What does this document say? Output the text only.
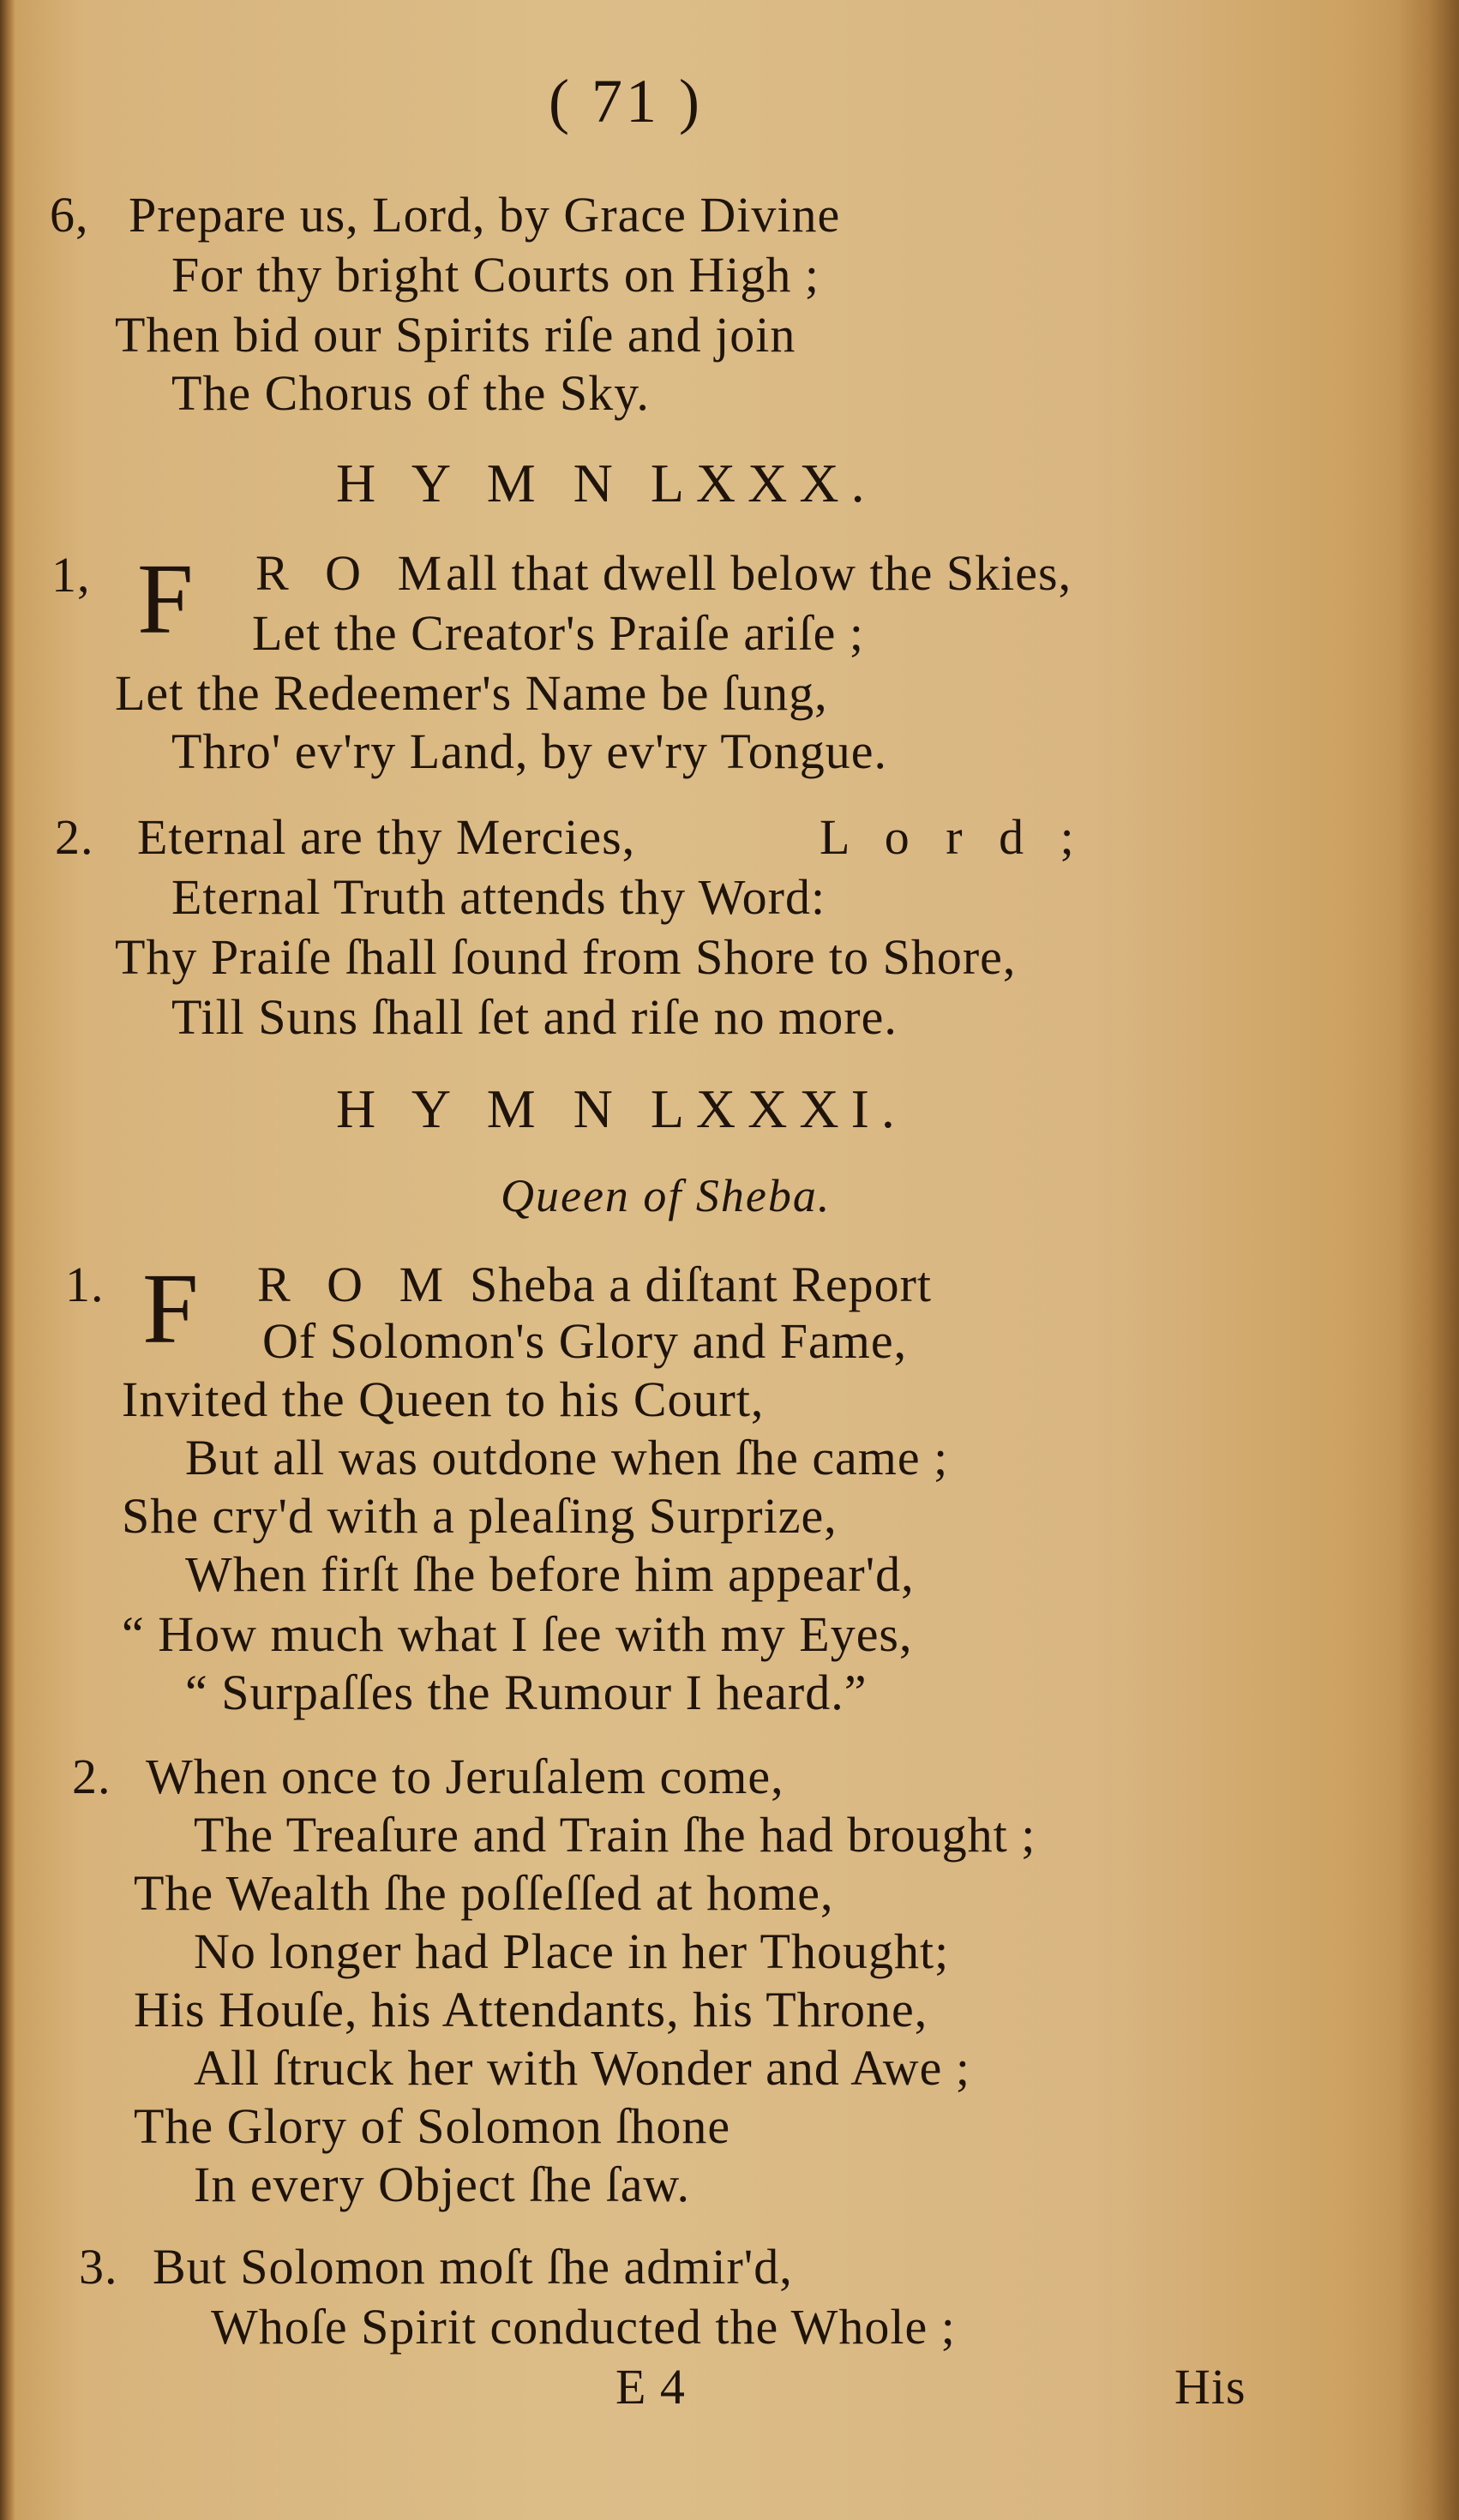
( 71 )
6, Prepare us, Lord, by Grace Divine
For thy bright Courts on High ;
Then bid our Spirits riſe and join
The Chorus of the Sky.
H Y M N LXXX.
1, F R O M
all that dwell below the Skies,
Let the Creator's Praiſe ariſe ;
Let the Redeemer's Name be ſung,
Thro' ev'ry Land, by ev'ry Tongue.
2. Eternal are thy Mercies,	L o r d ;
Eternal Truth attends thy Word:
Thy Praiſe ſhall ſound from Shore to Shore,
Till Suns ſhall ſet and riſe no more.
H Y M N LXXXI.
Queen of Sheba.
1. F R O M Sheba a diſtant Report
Of Solomon's Glory and Fame,
Invited the Queen to his Court,
But all was outdone when ſhe came ;
She cry'd with a pleaſing Surprize,
When firſt ſhe before him appear'd,
“ How much what I ſee with my Eyes,
“ Surpaſſes the Rumour I heard.”
2. When once to Jeruſalem come,
The Treaſure and Train ſhe had brought ;
The Wealth ſhe poſſeſſed at home,
No longer had Place in her Thought;
His Houſe, his Attendants, his Throne,
All ſtruck her with Wonder and Awe ;
The Glory of Solomon ſhone
In every Object ſhe ſaw.
3. But Solomon moſt ſhe admir'd,
Whoſe Spirit conducted the Whole ;
E 4	His
